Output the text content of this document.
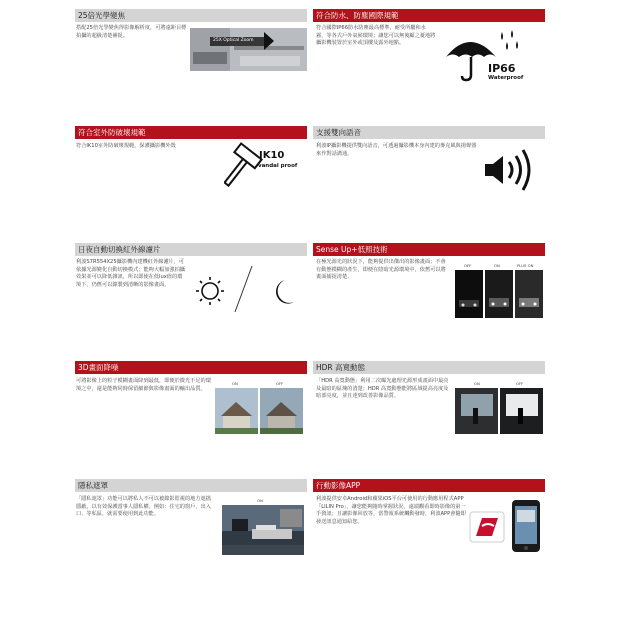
25倍光學變焦
搭配25倍光學變焦得影像解析度，可將遠距目標拍攝的超級清楚補捉。
25X Optical Zoom
符合防水、防塵國際規範
符合國際IP66防水防塵最高標準，耐受所屬和水霧，等各式戶外氣候環境；讓您可以無後顧之憂地將攝影機裝置於室外或頂樓及露外地點。
IP66
Waterproof
符合室外防破壞規範
符合IK10室外防破壞規範，保護攝影機外殼
IK10
vandal proof
支援雙向語音
利波IP攝影機提供雙向語音，可透過攝影機本身內建的麥克風與揚聲器來作對話溝通。
日夜自動切換紅外線濾片
利波S7R554X25攝影機內建機紅外線濾片，可依據光源變化自動切換模式；能夠大幅加強拍攝效果並可以降低雜訊，所以即使在低lux值的環境下，仍舊可以錄製到清晰的影像畫面。
Sense Up+低照技術
在極光源光的狀況下，能夠提供出傑出的影像畫面；不會有動態模糊的產生，即便在陰暗光源環境中，依舊可以將畫面捕捉清楚。
OFF	ON	PLUS ON
3D畫面降噪
可將影像上的粒子模糊畫面降到最低，即便於微光不足的環境之中，還是能夠同時保留細節與影像畫面的輸出品質。
ON	OFF
HDR 高寬動態
「HDR 高寬動態」利用二次曝光處理光源形成畫面中最亮及最暗的區塊的清楚；HDR 高寬動態能將區域提高亮度及暗部亮度，並且達到改善影像品質。
ON	OFF
隱私遮罩
「隱私遮罩」功能可以將私人不可以被錄影監視的地方遮擋隱蔽，以有效保護當事人隱私權。例如：住宅的窗戶、出入口、等私區，就需要使用到此功能。
ON
行動影像APP
利波提供安卓Android和蘋果iOS平台可使用的行動應用程式APP「LILIN Pro」，讓您能夠隨時掌握狀況，遠端觀看即時影像的第一手資訊；且讓影像回放等，當警報系統觸動發時，利波APP會隨即發送訊息通知給您。
